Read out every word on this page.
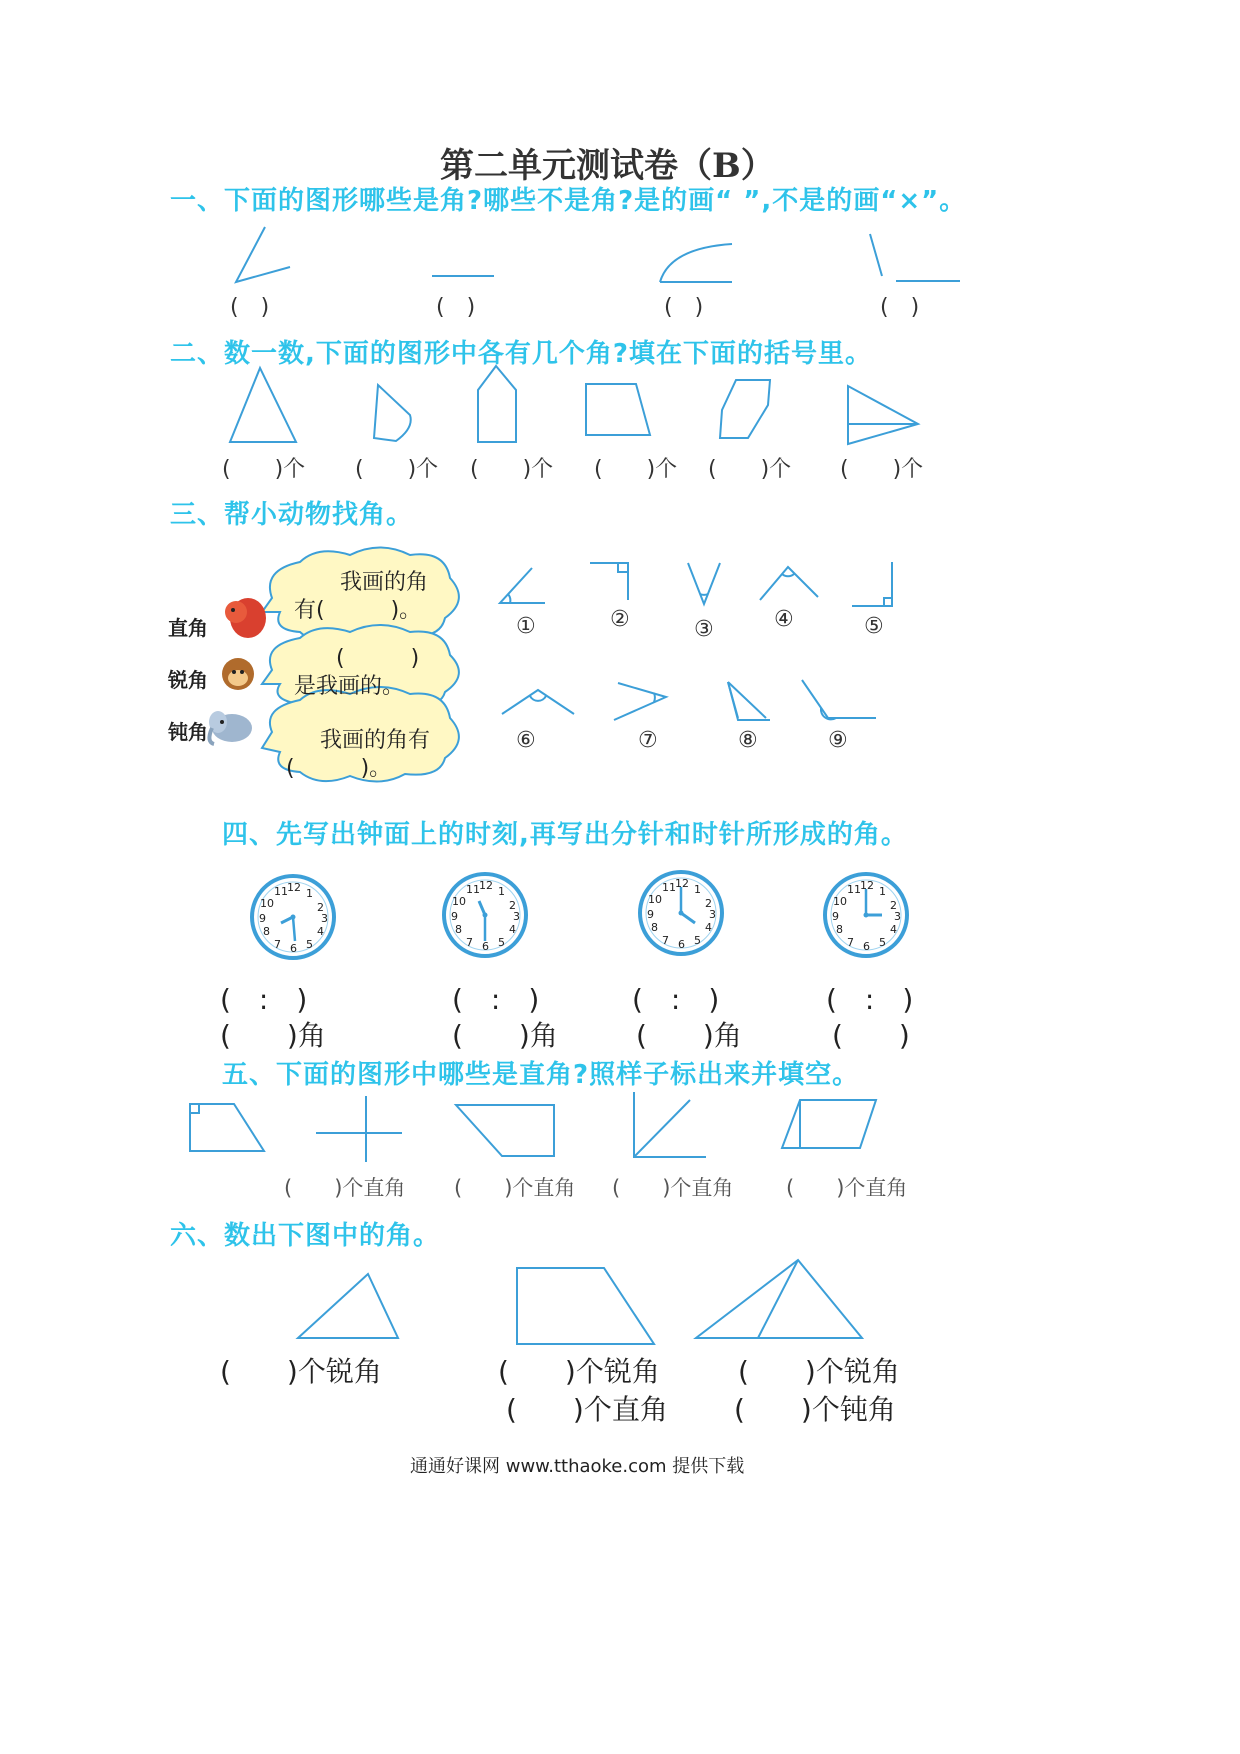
第二单元测试卷（B）
一、下面的图形哪些是角?哪些不是角?是的画“ ”,不是的画“×”。
(　)	(　)	(　)	(　)
二、数一数,下面的图形中各有几个角?填在下面的括号里。
(　　)个 (　　)个 (　　)个 (　　)个 (　　)个 (　　)个
三、帮小动物找角。
我画的角
有(　　　)。
(　　　)
是我画的。
我画的角有
(　　　)。
直角
锐角
钝角
①	②	③	④	⑤
⑥	⑦	⑧	⑨
四、先写出钟面上的时刻,再写出分针和时针所形成的角。
12 1
2
3
4
5
6
7
8
9
10
11	12 1
2
3
4
5
6
7
8
9
10
11	12 1
2
3
4
5
6
7
8
9
10
11	12 1
2
3
4
5
6
7
8
9
10
11
(　:　)	(　:　)	(　:　)	(　:　)
(　　)角	(　　)角	(　　)角	(　　)
五、下面的图形中哪些是直角?照样子标出来并填空。
(　　)个直角 (　　)个直角 (　　)个直角	(　　)个直角
六、数出下图中的角。
(　　)个锐角	(　　)个锐角
(　　)个直角
(　　)个锐角
(　　)个钝角
通通好课网 www.tthaoke.com 提供下载
